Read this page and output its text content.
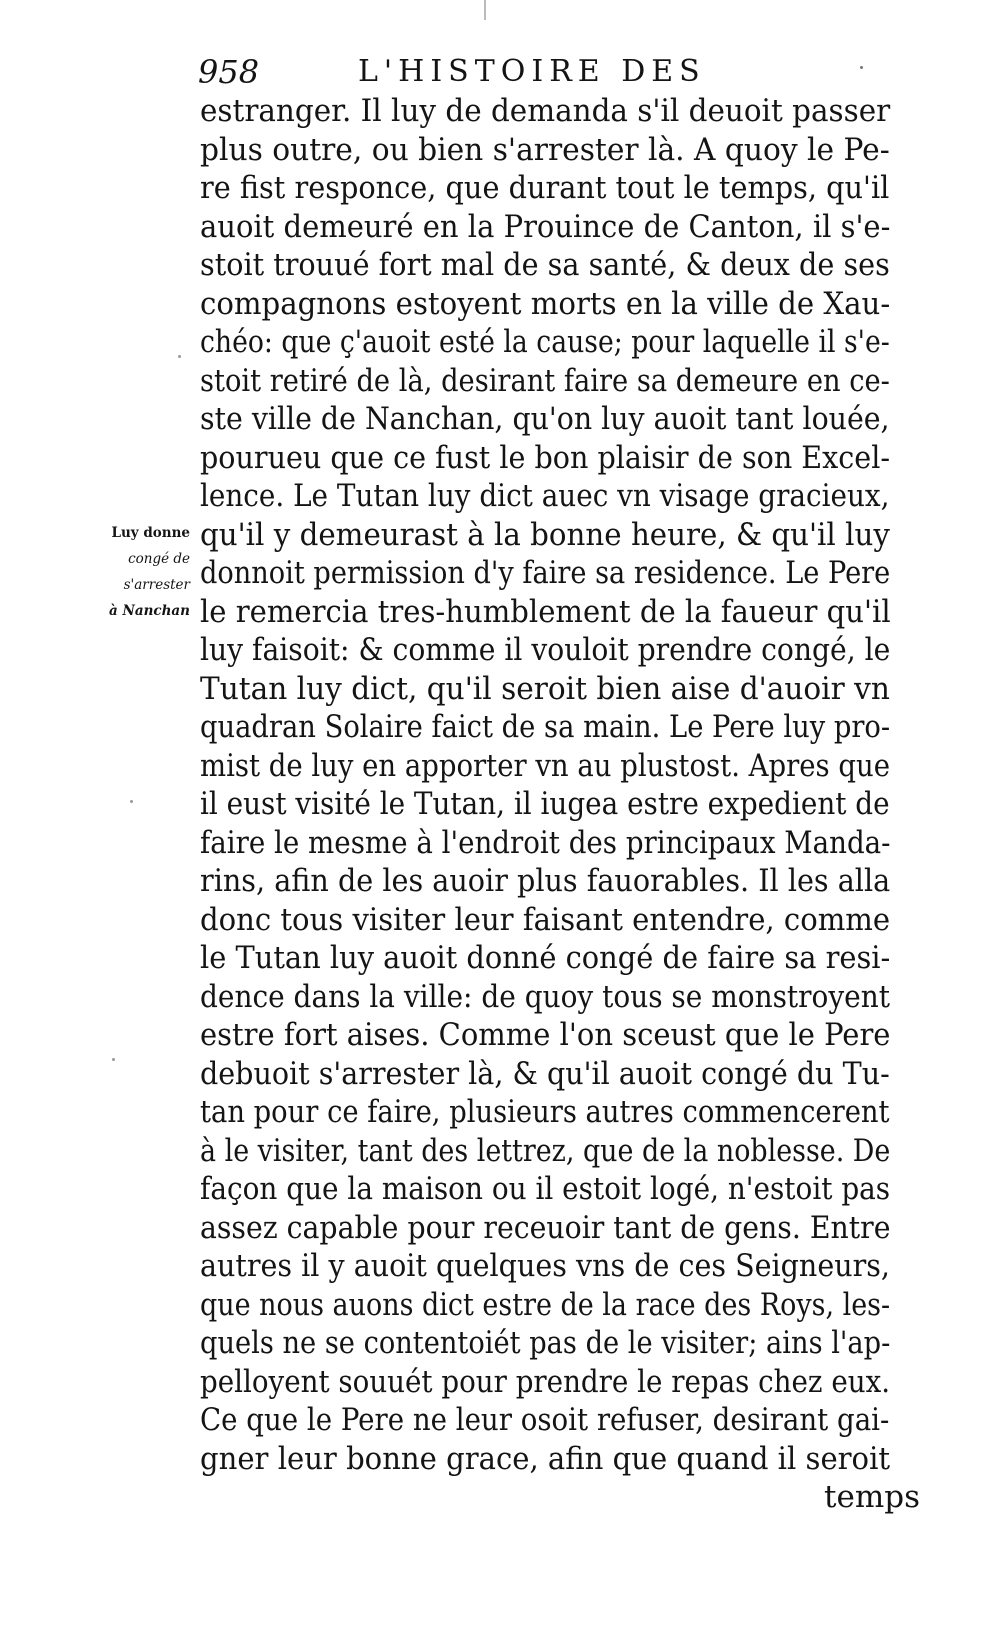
958	L'HISTOIRE DES
Luy donne
congé de
s'arrester
à Nanchan
estranger. Il luy de demanda s'il deuoit passer
plus outre, ou bien s'arrester là. A quoy le Pe-
re fist responce, que durant tout le temps, qu'il
auoit demeuré en la Prouince de Canton, il s'e-
stoit trouué fort mal de sa santé, & deux de ses
compagnons estoyent morts en la ville de Xau-
chéo: que ç'auoit esté la cause; pour laquelle il s'e-
stoit retiré de là, desirant faire sa demeure en ce-
ste ville de Nanchan, qu'on luy auoit tant louée,
pourueu que ce fust le bon plaisir de son Excel-
lence. Le Tutan luy dict auec vn visage gracieux,
qu'il y demeurast à la bonne heure, & qu'il luy
donnoit permission d'y faire sa residence. Le Pere
le remercia tres-humblement de la faueur qu'il
luy faisoit: & comme il vouloit prendre congé, le
Tutan luy dict, qu'il seroit bien aise d'auoir vn
quadran Solaire faict de sa main. Le Pere luy pro-
mist de luy en apporter vn au plustost. Apres que
il eust visité le Tutan, il iugea estre expedient de
faire le mesme à l'endroit des principaux Manda-
rins, afin de les auoir plus fauorables. Il les alla
donc tous visiter leur faisant entendre, comme
le Tutan luy auoit donné congé de faire sa resi-
dence dans la ville: de quoy tous se monstroyent
estre fort aises. Comme l'on sceust que le Pere
debuoit s'arrester là, & qu'il auoit congé du Tu-
tan pour ce faire, plusieurs autres commencerent
à le visiter, tant des lettrez, que de la noblesse. De
façon que la maison ou il estoit logé, n'estoit pas
assez capable pour receuoir tant de gens. Entre
autres il y auoit quelques vns de ces Seigneurs,
que nous auons dict estre de la race des Roys, les-
quels ne se contentoiét pas de le visiter; ains l'ap-
pelloyent souuét pour prendre le repas chez eux.
Ce que le Pere ne leur osoit refuser, desirant gai-
gner leur bonne grace, afin que quand il seroit
temps
